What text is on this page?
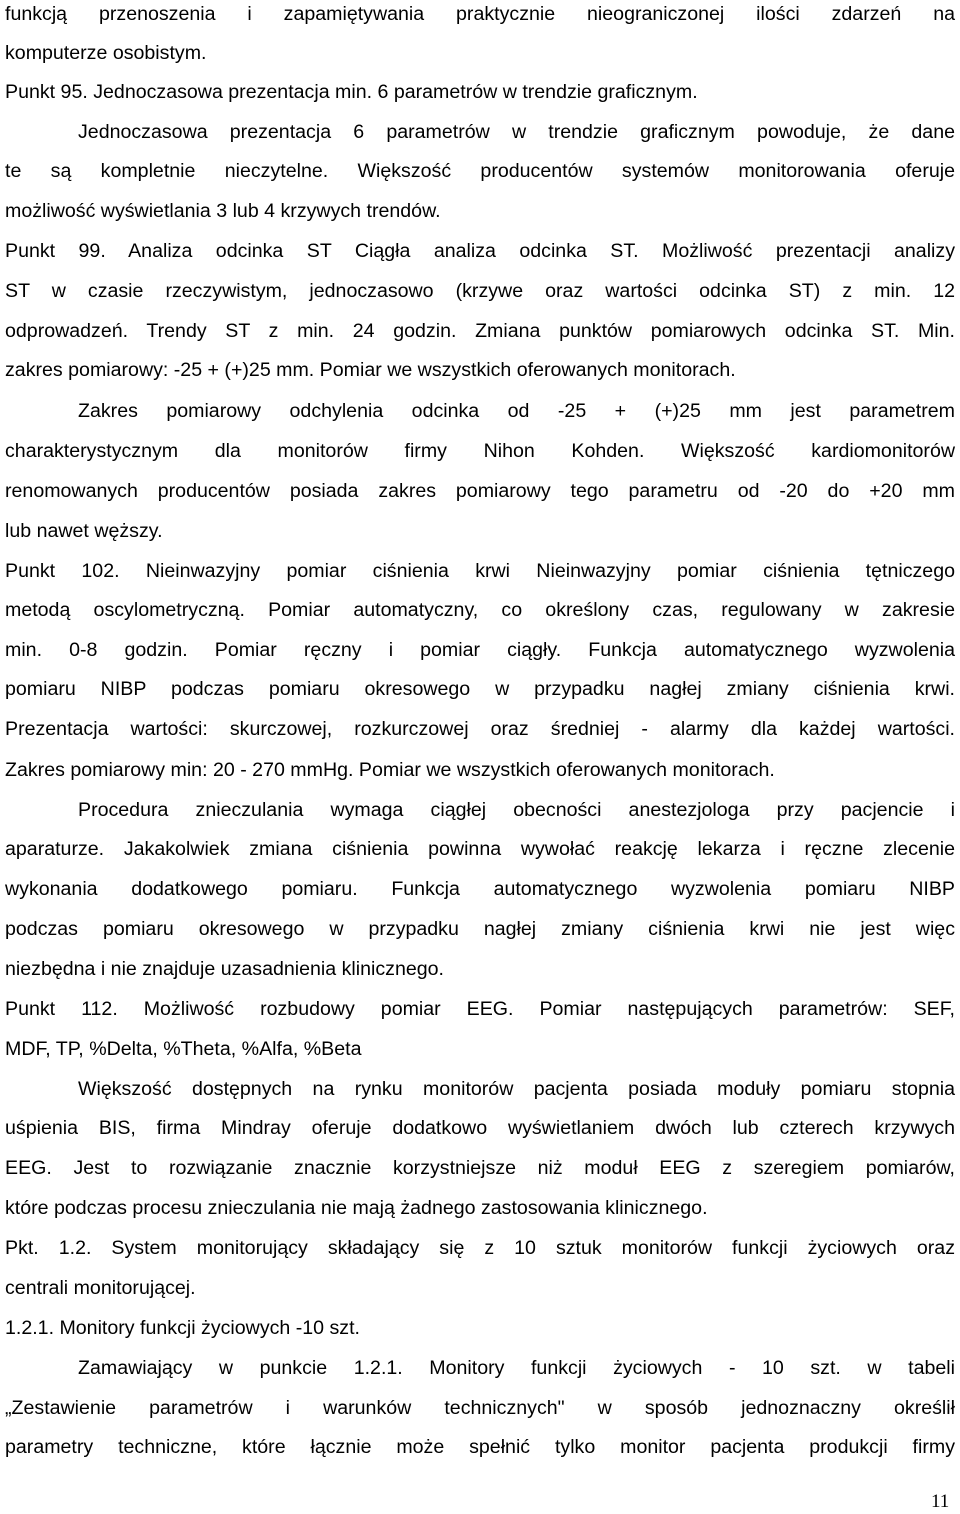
funkcją przenoszenia i zapamiętywania praktycznie nieograniczonej ilości zdarzeń na
komputerze osobistym.
Punkt 95. Jednoczasowa prezentacja min. 6 parametrów w trendzie graficznym.
Jednoczasowa prezentacja 6 parametrów w trendzie graficznym powoduje, że dane
te są kompletnie nieczytelne. Większość producentów systemów monitorowania oferuje
możliwość wyświetlania 3 lub 4 krzywych trendów.
Punkt 99. Analiza odcinka ST Ciągła analiza odcinka ST. Możliwość prezentacji analizy
ST w czasie rzeczywistym, jednoczasowo (krzywe oraz wartości odcinka ST) z min. 12
odprowadzeń. Trendy ST z min. 24 godzin. Zmiana punktów pomiarowych odcinka ST. Min.
zakres pomiarowy: -25 + (+)25 mm. Pomiar we wszystkich oferowanych monitorach.
Zakres pomiarowy odchylenia odcinka od -25 + (+)25 mm jest parametrem
charakterystycznym dla monitorów firmy Nihon Kohden. Większość kardiomonitorów
renomowanych producentów posiada zakres pomiarowy tego parametru od -20 do +20 mm
lub nawet węższy.
Punkt 102. Nieinwazyjny pomiar ciśnienia krwi Nieinwazyjny pomiar ciśnienia tętniczego
metodą oscylometryczną. Pomiar automatyczny, co określony czas, regulowany w zakresie
min. 0-8 godzin. Pomiar ręczny i pomiar ciągły. Funkcja automatycznego wyzwolenia
pomiaru NIBP podczas pomiaru okresowego w przypadku nagłej zmiany ciśnienia krwi.
Prezentacja wartości: skurczowej, rozkurczowej oraz średniej - alarmy dla każdej wartości.
Zakres pomiarowy min: 20 - 270 mmHg. Pomiar we wszystkich oferowanych monitorach.
Procedura znieczulania wymaga ciągłej obecności anestezjologa przy pacjencie i
aparaturze. Jakakolwiek zmiana ciśnienia powinna wywołać reakcję lekarza i ręczne zlecenie
wykonania dodatkowego pomiaru. Funkcja automatycznego wyzwolenia pomiaru NIBP
podczas pomiaru okresowego w przypadku nagłej zmiany ciśnienia krwi nie jest więc
niezbędna i nie znajduje uzasadnienia klinicznego.
Punkt 112. Możliwość rozbudowy pomiar EEG. Pomiar następujących parametrów: SEF,
MDF, TP, %Delta, %Theta, %Alfa, %Beta
Większość dostępnych na rynku monitorów pacjenta posiada moduły pomiaru stopnia
uśpienia BIS, firma Mindray oferuje dodatkowo wyświetlaniem dwóch lub czterech krzywych
EEG. Jest to rozwiązanie znacznie korzystniejsze niż moduł EEG z szeregiem pomiarów,
które podczas procesu znieczulania nie mają żadnego zastosowania klinicznego.
Pkt. 1.2. System monitorujący składający się z 10 sztuk monitorów funkcji życiowych oraz
centrali monitorującej.
1.2.1. Monitory funkcji życiowych -10 szt.
Zamawiający w punkcie 1.2.1. Monitory funkcji życiowych - 10 szt. w tabeli
„Zestawienie parametrów i warunków technicznych" w sposób jednoznaczny określił
parametry techniczne, które łącznie może spełnić tylko monitor pacjenta produkcji firmy
11
